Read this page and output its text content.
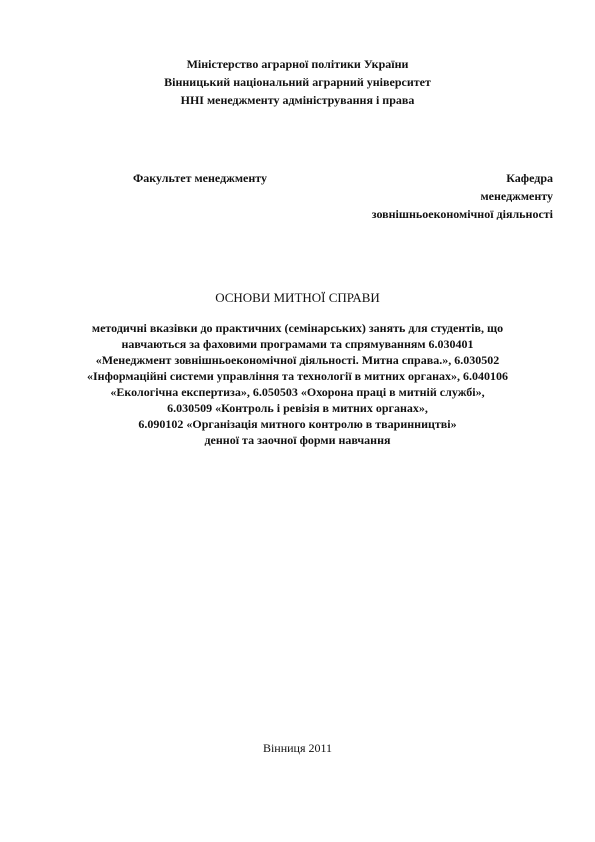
Міністерство аграрної політики України
Вінницький національний аграрний університет
ННІ менеджменту адміністрування і права
Факультет менеджменту	Кафедра
менеджменту
зовнішньоекономічної діяльності
ОСНОВИ МИТНОЇ СПРАВИ
методичні вказівки до практичних (семінарських) занять для студентів, що
навчаються за фаховими програмами та спрямуванням 6.030401
«Менеджмент зовнішньоекономічної діяльності. Митна справа.», 6.030502
«Інформаційні системи управління та технології в митних органах», 6.040106
«Екологічна експертиза», 6.050503 «Охорона праці в митній службі»,
6.030509 «Контроль і ревізія в митних органах»,
6.090102 «Організація митного контролю в тваринництві»
денної та заочної форми навчання
Вінниця 2011
